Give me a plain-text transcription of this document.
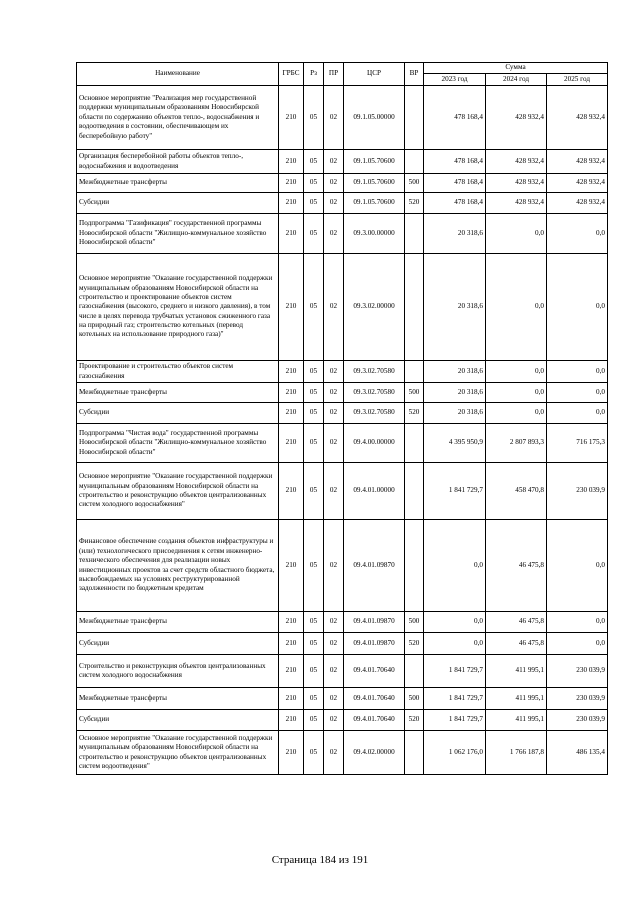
Наименование	ГРБС	Рз	ПР	ЦСР	ВР	Сумма		
						2023 год	2024 год	2025 год
Основное мероприятие "Реализация мер государственной поддержки муниципальным образованиям Новосибирской области по содержанию объектов тепло-, водоснабжения и водоотведения в состоянии, обеспечивающем их бесперебойную работу"	210	05	02	09.1.05.00000		478 168,4	428 932,4	428 932,4
Организация бесперебойной работы объектов тепло-, водоснабжения и водоотведения	210	05	02	09.1.05.70600		478 168,4	428 932,4	428 932,4
Межбюджетные трансферты	210	05	02	09.1.05.70600	500	478 168,4	428 932,4	428 932,4
Субсидии	210	05	02	09.1.05.70600	520	478 168,4	428 932,4	428 932,4
Подпрограмма "Газификация" государственной программы Новосибирской области "Жилищно-коммунальное хозяйство Новосибирской области"	210	05	02	09.3.00.00000		20 318,6	0,0	0,0
Основное мероприятие "Оказание государственной поддержки муниципальным образованиям Новосибирской области на строительство и проектирование объектов систем газоснабжения (высокого, среднего и низкого давления), в том числе в целях перевода трубчатых установок сжиженного газа на природный газ; строительство котельных (перевод котельных на использование природного газа)"	210	05	02	09.3.02.00000		20 318,6	0,0	0,0
Проектирование и строительство объектов систем газоснабжения	210	05	02	09.3.02.70580		20 318,6	0,0	0,0
Межбюджетные трансферты	210	05	02	09.3.02.70580	500	20 318,6	0,0	0,0
Субсидии	210	05	02	09.3.02.70580	520	20 318,6	0,0	0,0
Подпрограмма "Чистая вода" государственной программы Новосибирской области "Жилищно-коммунальное хозяйство Новосибирской области"	210	05	02	09.4.00.00000		4 395 950,9	2 807 893,3	716 175,3
Основное мероприятие "Оказание государственной поддержки муниципальным образованиям Новосибирской области на строительство и реконструкцию объектов централизованных систем холодного водоснабжения"	210	05	02	09.4.01.00000		1 841 729,7	458 470,8	230 039,9
Финансовое обеспечение создания объектов инфраструктуры и (или) технологического присоединения к сетям инженерно-технического обеспечения для реализации новых инвестиционных проектов за счет средств областного бюджета, высвобождаемых на условиях реструктурированной задолженности по бюджетным кредитам	210	05	02	09.4.01.09870		0,0	46 475,8	0,0
Межбюджетные трансферты	210	05	02	09.4.01.09870	500	0,0	46 475,8	0,0
Субсидии	210	05	02	09.4.01.09870	520	0,0	46 475,8	0,0
Строительство и реконструкция объектов централизованных систем холодного водоснабжения	210	05	02	09.4.01.70640		1 841 729,7	411 995,1	230 039,9
Межбюджетные трансферты	210	05	02	09.4.01.70640	500	1 841 729,7	411 995,1	230 039,9
Субсидии	210	05	02	09.4.01.70640	520	1 841 729,7	411 995,1	230 039,9
Основное мероприятие "Оказание государственной поддержки муниципальным образованиям Новосибирской области на строительство и реконструкцию объектов централизованных систем водоотведения"	210	05	02	09.4.02.00000		1 062 176,0	1 766 187,8	486 135,4
Страница 184 из 191
